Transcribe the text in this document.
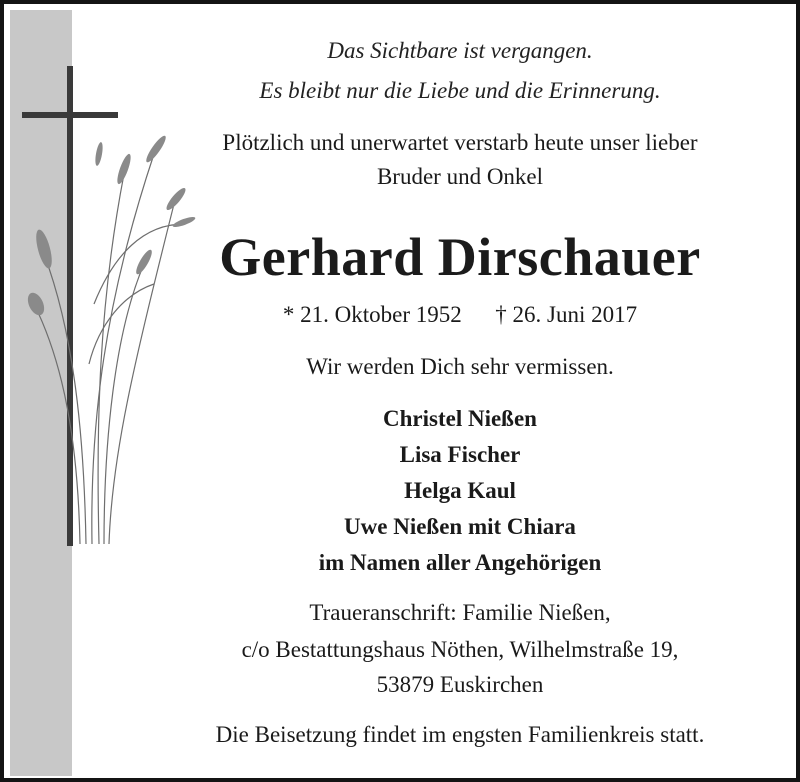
Das Sichtbare ist vergangen.
Es bleibt nur die Liebe und die Erinnerung.
Plötzlich und unerwartet verstarb heute unser lieber
Bruder und Onkel
Gerhard Dirschauer
* 21. Oktober 1952 † 26. Juni 2017
Wir werden Dich sehr vermissen.
Christel Nießen
Lisa Fischer
Helga Kaul
Uwe Nießen mit Chiara
im Namen aller Angehörigen
Traueranschrift: Familie Nießen,
c/o Bestattungshaus Nöthen, Wilhelmstraße 19,
53879 Euskirchen
Die Beisetzung findet im engsten Familienkreis statt.
